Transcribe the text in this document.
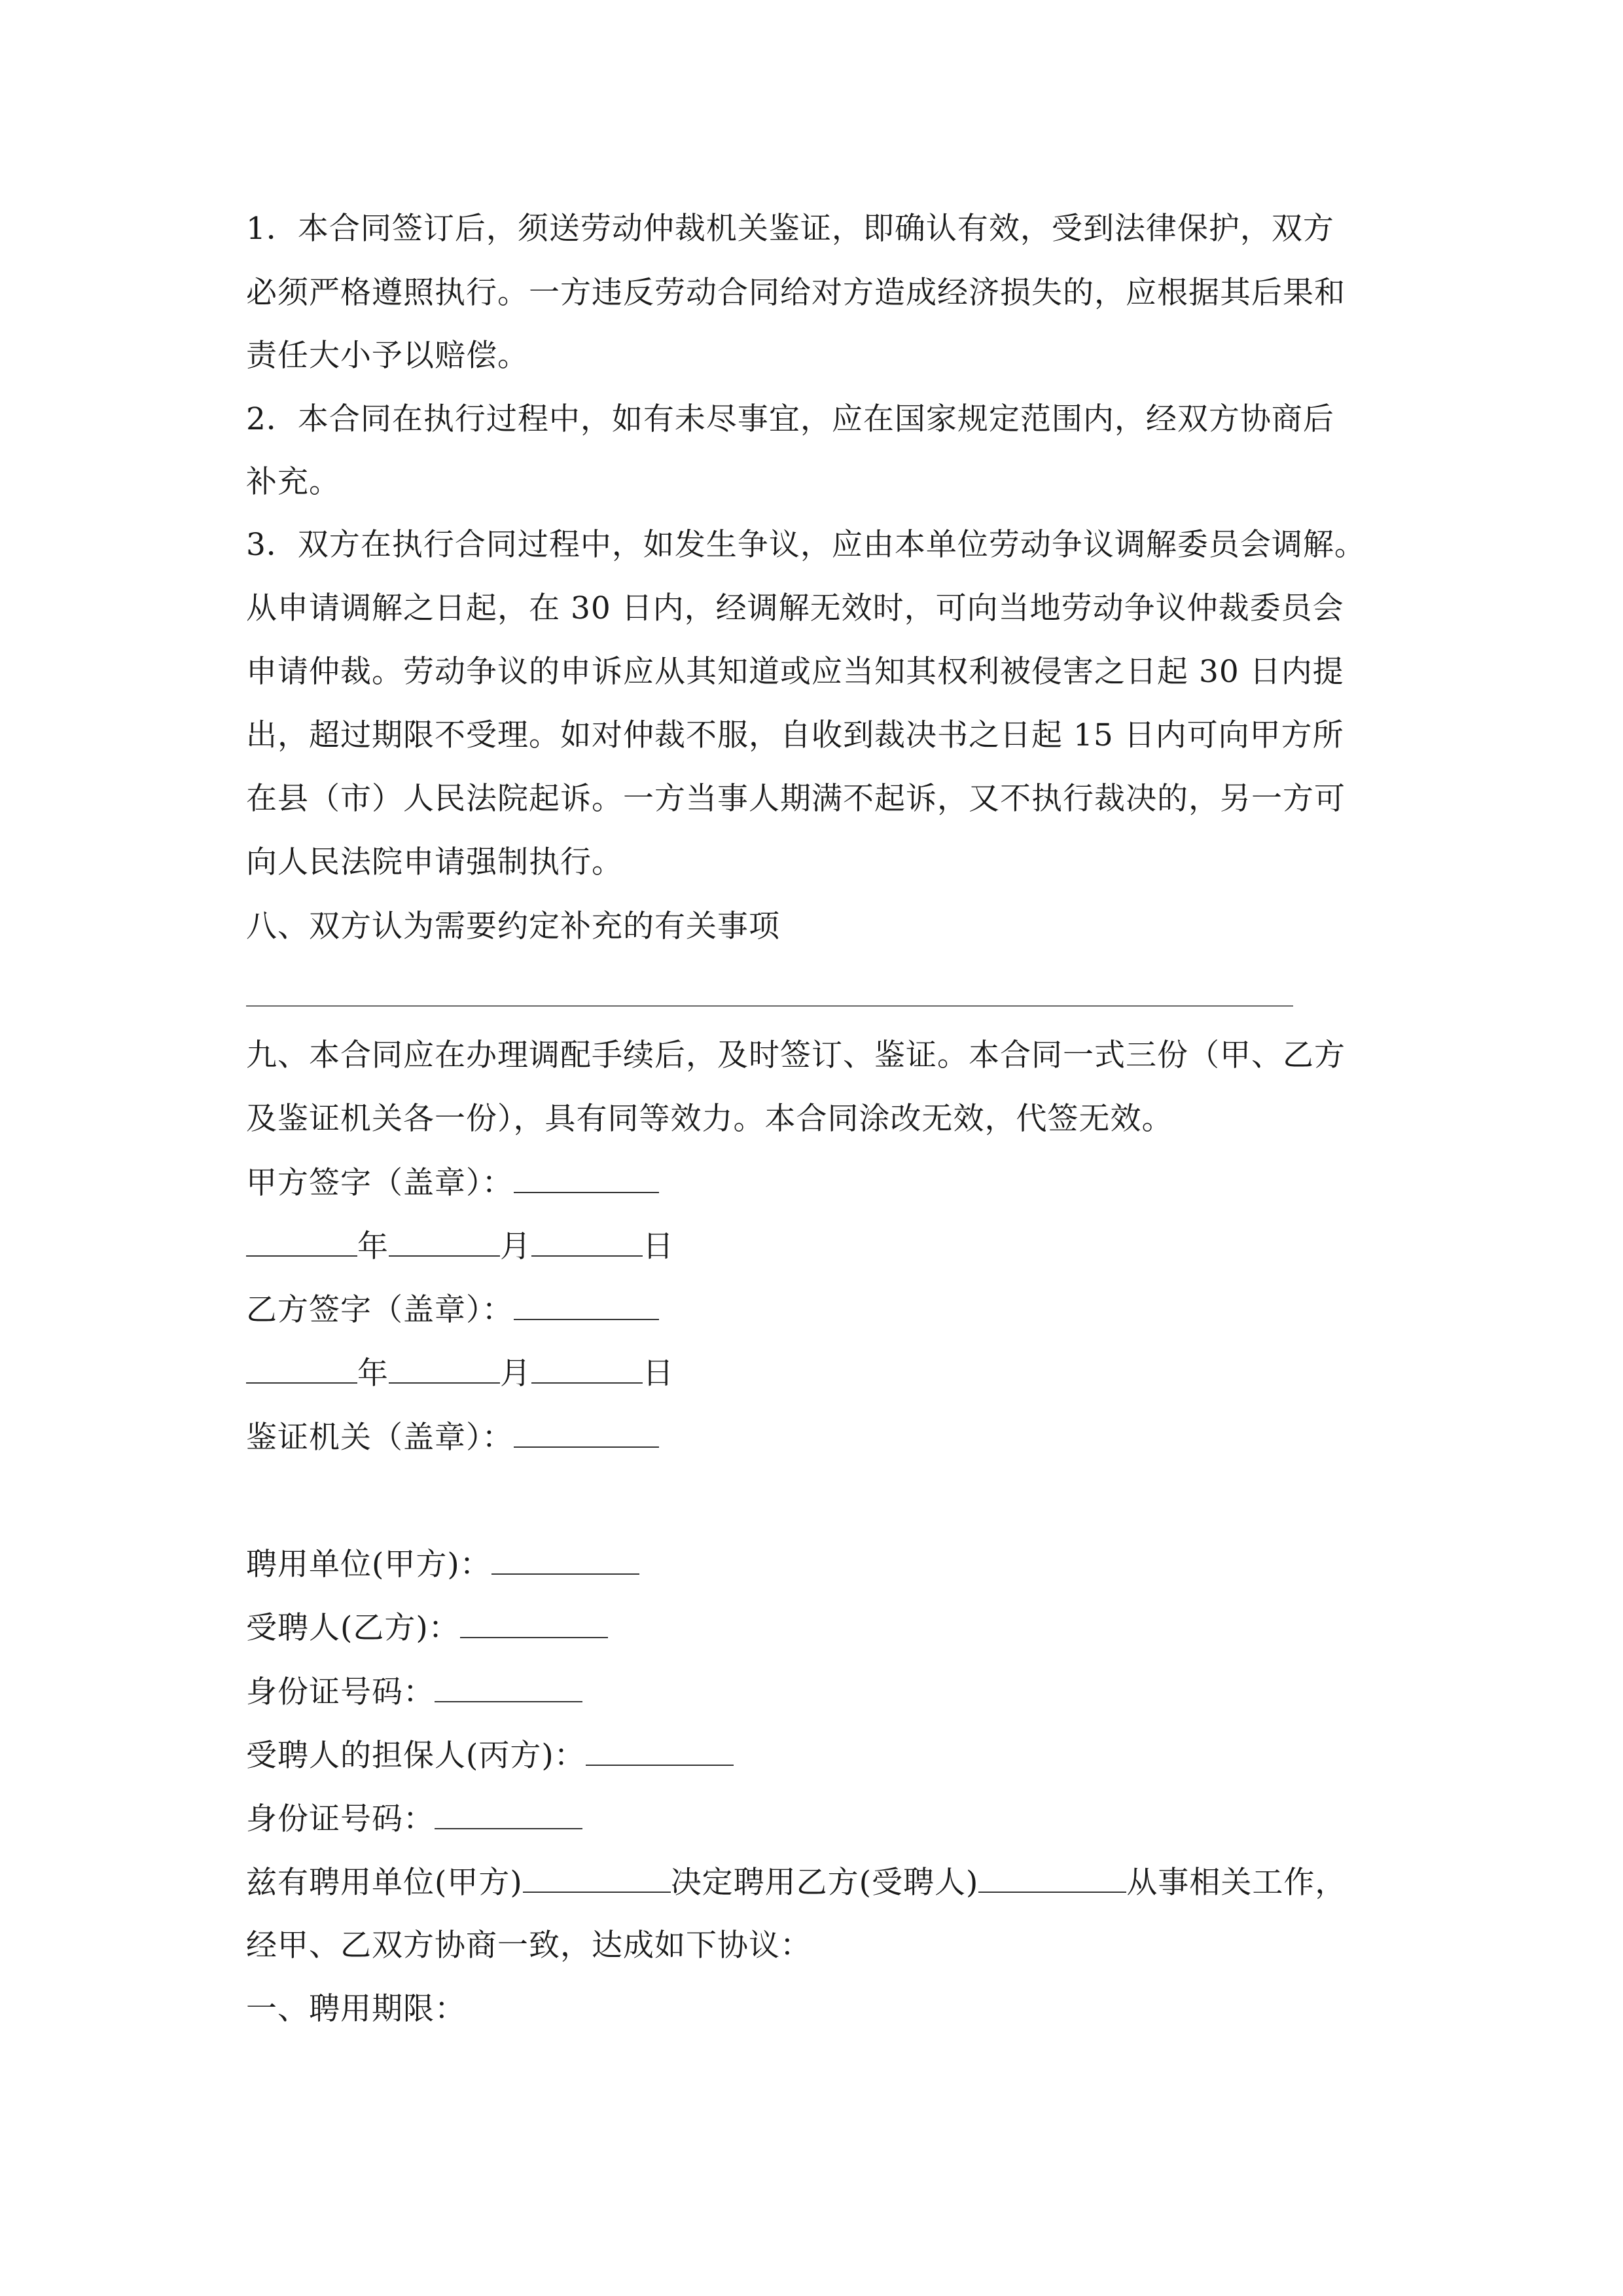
1．本合同签订后，须送劳动仲裁机关鉴证，即确认有效，受到法律保护，双方
必须严格遵照执行。一方违反劳动合同给对方造成经济损失的，应根据其后果和
责任大小予以赔偿。
2．本合同在执行过程中，如有未尽事宜，应在国家规定范围内，经双方协商后
补充。
3．双方在执行合同过程中，如发生争议，应由本单位劳动争议调解委员会调解。
从申请调解之日起，在 30 日内，经调解无效时，可向当地劳动争议仲裁委员会
申请仲裁。劳动争议的申诉应从其知道或应当知其权利被侵害之日起 30 日内提
出，超过期限不受理。如对仲裁不服，自收到裁决书之日起 15 日内可向甲方所
在县（市）人民法院起诉。一方当事人期满不起诉，又不执行裁决的，另一方可
向人民法院申请强制执行。
八、双方认为需要约定补充的有关事项
九、本合同应在办理调配手续后，及时签订、鉴证。本合同一式三份（甲、乙方
及鉴证机关各一份），具有同等效力。本合同涂改无效，代签无效。
甲方签字（盖章）：
年	月	日
乙方签字（盖章）：
年	月	日
鉴证机关（盖章）：
聘用单位(甲方)：
受聘人(乙方)：
身份证号码：
受聘人的担保人(丙方)：
身份证号码：
兹有聘用单位(甲方)	决定聘用乙方(受聘人)	从事相关工作，
经甲、乙双方协商一致，达成如下协议：
一、聘用期限：
